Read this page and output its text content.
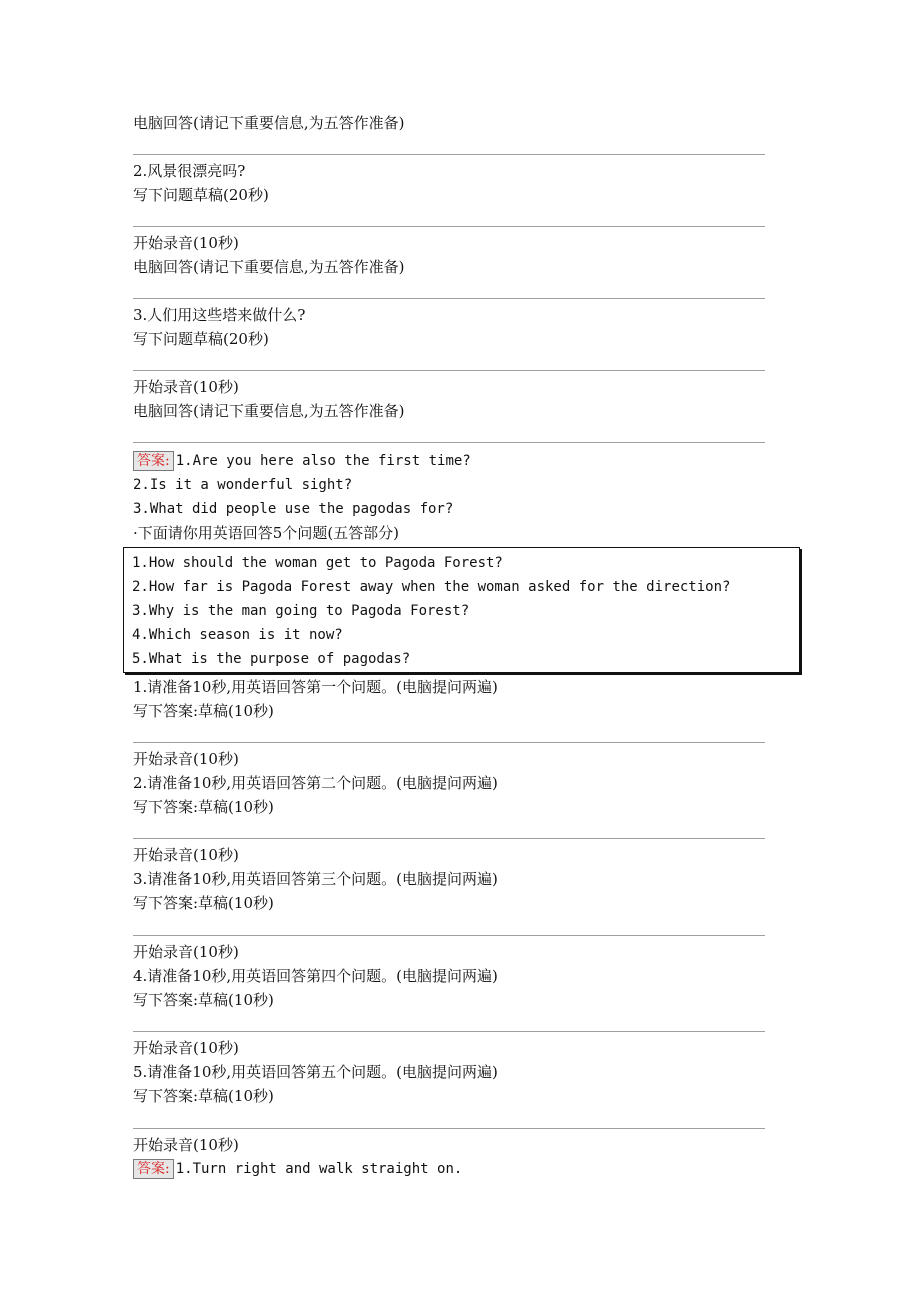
电脑回答(请记下重要信息,为五答作准备)
2.风景很漂亮吗?
写下问题草稿(20秒)
开始录音(10秒)
电脑回答(请记下重要信息,为五答作准备)
3.人们用这些塔来做什么?
写下问题草稿(20秒)
开始录音(10秒)
电脑回答(请记下重要信息,为五答作准备)
答案: 1.Are you here also the first time?
2.Is it a wonderful sight?
3.What did people use the pagodas for?
·下面请你用英语回答5个问题(五答部分)
1.How should the woman get to Pagoda Forest?
2.How far is Pagoda Forest away when the woman asked for the direction?
3.Why is the man going to Pagoda Forest?
4.Which season is it now?
5.What is the purpose of pagodas?
1.请准备10秒,用英语回答第一个问题。(电脑提问两遍)
写下答案:草稿(10秒)
开始录音(10秒)
2.请准备10秒,用英语回答第二个问题。(电脑提问两遍)
写下答案:草稿(10秒)
开始录音(10秒)
3.请准备10秒,用英语回答第三个问题。(电脑提问两遍)
写下答案:草稿(10秒)
开始录音(10秒)
4.请准备10秒,用英语回答第四个问题。(电脑提问两遍)
写下答案:草稿(10秒)
开始录音(10秒)
5.请准备10秒,用英语回答第五个问题。(电脑提问两遍)
写下答案:草稿(10秒)
开始录音(10秒)
答案: 1.Turn right and walk straight on.
